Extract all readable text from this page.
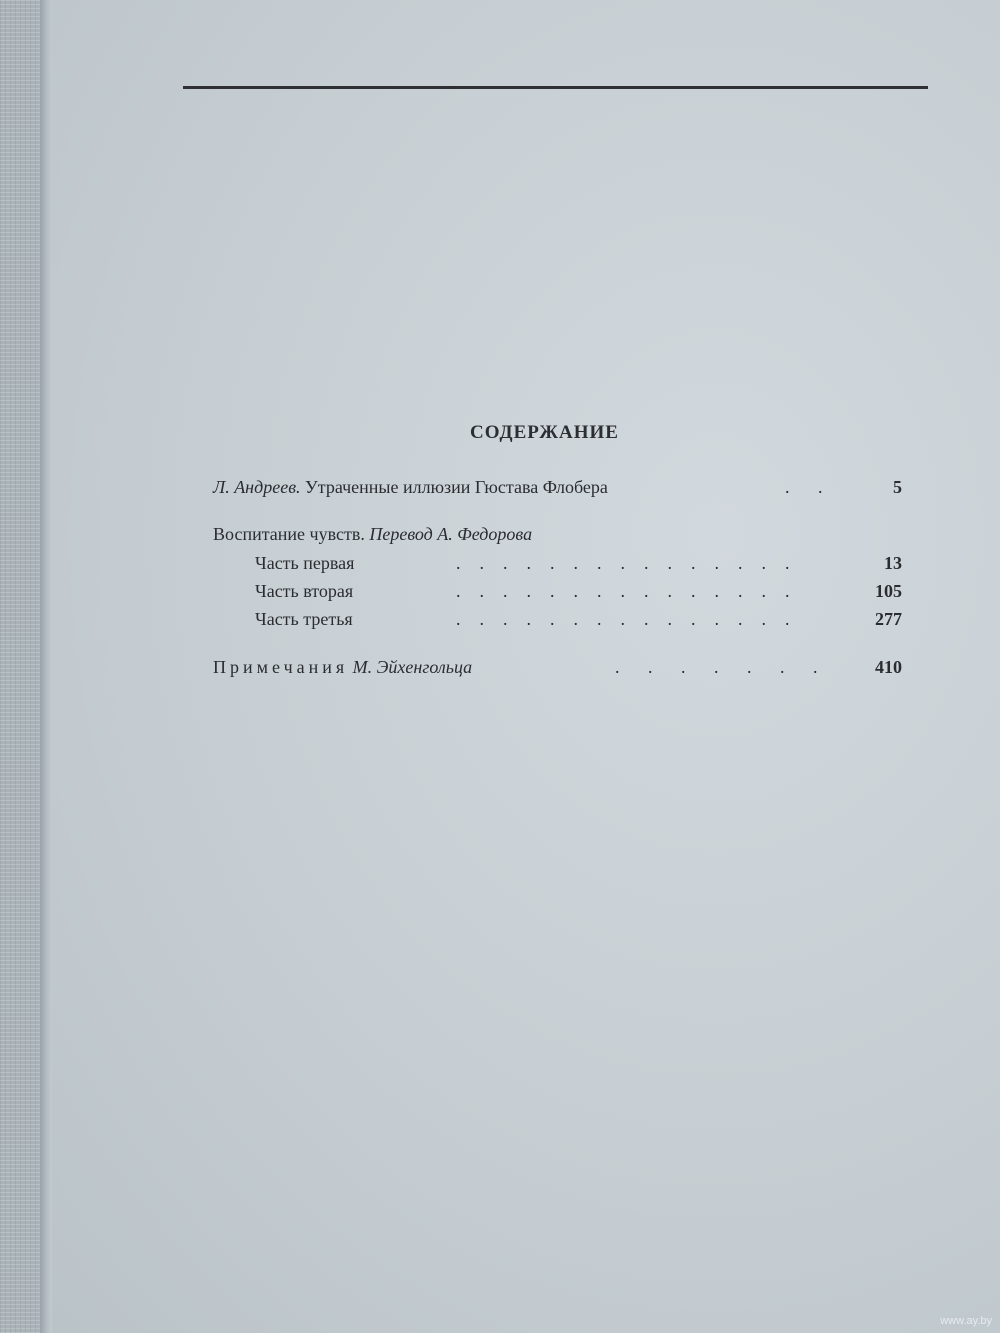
СОДЕРЖАНИЕ
Л. Андреев. Утраченные иллюзии Гюстава Флобера	. .	5
Воспитание чувств. Перевод А. Федорова
Часть первая	...............	13
Часть вторая	...............	105
Часть третья	...............	277
Примечания М. Эйхенгольца	. . . . . . .	410
www.ay.by
